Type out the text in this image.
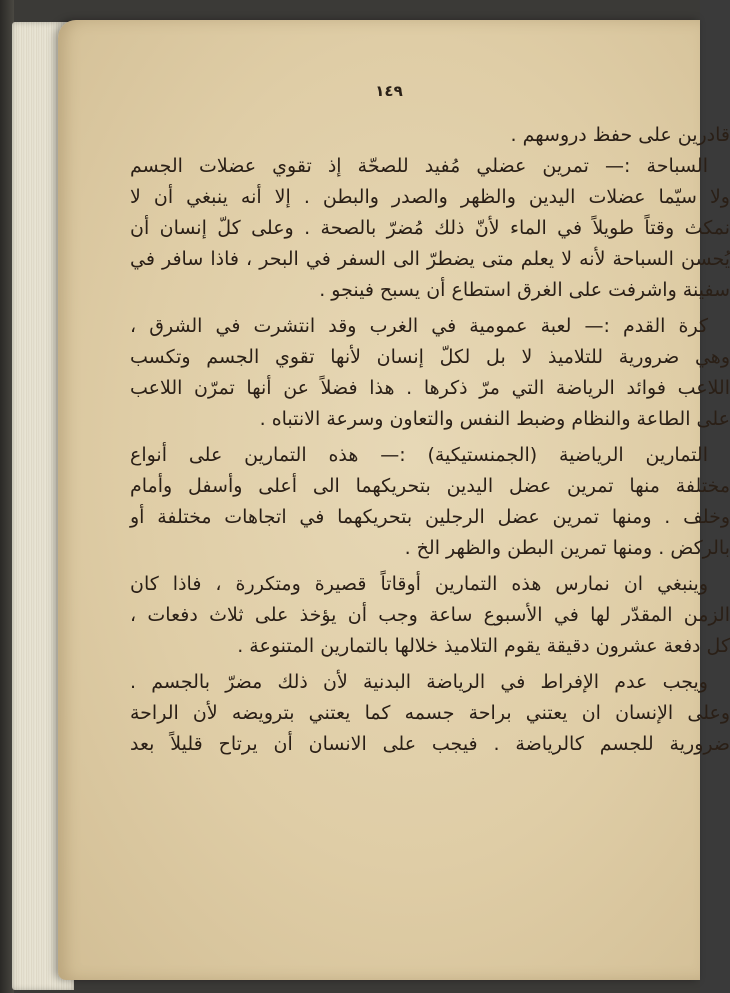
١٤٩
قادرين على حفظ دروسهم .
السباحة :— تمرين عضلي مُفيد للصحّة إذ تقوي عضلات الجسم
ولا سيّما عضلات اليدين والظهر والصدر والبطن . إلا أنه ينبغي أن لا
نمكث وقتاً طويلاً في الماء لأنّ ذلك مُضرّ بالصحة . وعلى كلّ إنسان أن
يُحسن السباحة لأنه لا يعلم متى يضطرّ الى السفر في البحر ، فاذا سافر في
سفينة واشرفت على الغرق استطاع أن يسبح فينجو .
كرة القدم :— لعبة عمومية في الغرب وقد انتشرت في الشرق ،
وهي ضرورية للتلاميذ لا بل لكلّ إنسان لأنها تقوي الجسم وتكسب
اللاعب فوائد الرياضة التي مرّ ذكرها . هذا فضلاً عن أنها تمرّن اللاعب
على الطاعة والنظام وضبط النفس والتعاون وسرعة الانتباه .
التمارين الرياضية (الجمنستيكية) :— هذه التمارين على أنواع
مختلفة منها تمرين عضل اليدين بتحريكهما الى أعلى وأسفل وأمام
وخلف . ومنها تمرين عضل الرجلين بتحريكهما في اتجاهات مختلفة أو
بالركض . ومنها تمرين البطن والظهر الخ .
وينبغي ان نمارس هذه التمارين أوقاتاً قصيرة ومتكررة ، فاذا كان
الزمن المقدّر لها في الأسبوع ساعة وجب أن يؤخذ على ثلاث دفعات ،
كل دفعة عشرون دقيقة يقوم التلاميذ خلالها بالتمارين المتنوعة .
ويجب عدم الإفراط في الرياضة البدنية لأن ذلك مضرّ بالجسم .
وعلى الإنسان ان يعتني براحة جسمه كما يعتني بترويضه لأن الراحة
ضرورية للجسم كالرياضة . فيجب على الانسان أن يرتاح قليلاً بعد
